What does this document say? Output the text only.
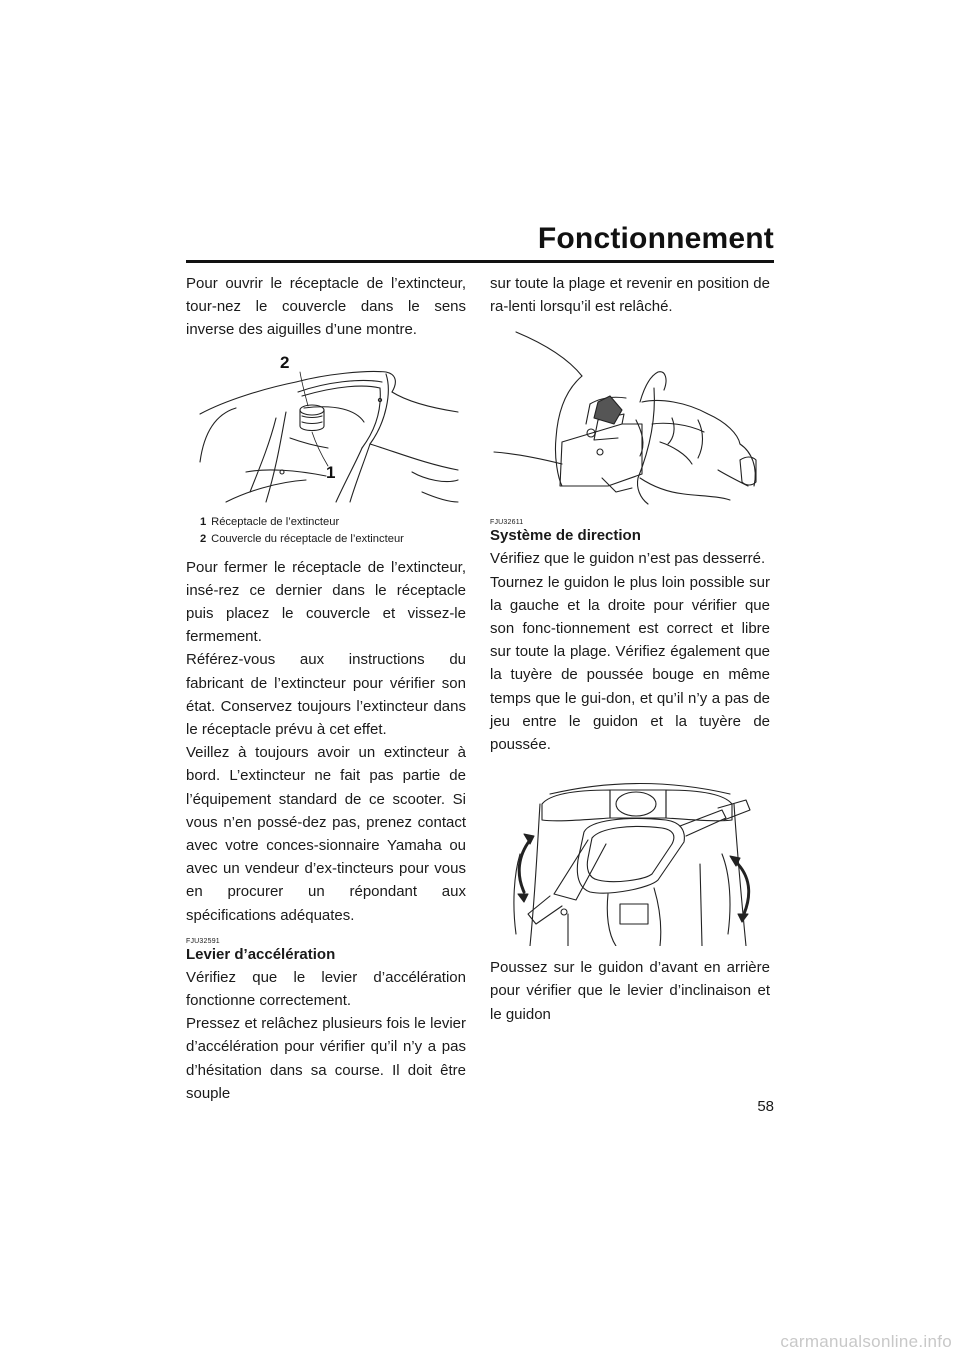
Fonctionnement

Pour ouvrir le réceptacle de l’extincteur, tour-nez le couvercle dans le sens inverse des aiguilles d’une montre.

2
1
1 Réceptacle de l’extincteur
2 Couvercle du réceptacle de l’extincteur

Pour fermer le réceptacle de l’extincteur, insé-rez ce dernier dans le réceptacle puis placez le couvercle et vissez-le fermement.

Référez-vous aux instructions du fabricant de l’extincteur pour vérifier son état. Conservez toujours l’extincteur dans le réceptacle prévu à cet effet.

Veillez à toujours avoir un extincteur à bord. L’extincteur ne fait pas partie de l’équipement standard de ce scooter. Si vous n’en possé-dez pas, prenez contact avec votre conces-sionnaire Yamaha ou avec un vendeur d’ex-tincteurs pour vous en procurer un répondant aux spécifications adéquates.

FJU32591
Levier d’accélération

Vérifiez que le levier d’accélération fonctionne correctement.

Pressez et relâchez plusieurs fois le levier d’accélération pour vérifier qu’il n’y a pas d’hésitation dans sa course. Il doit être souple

sur toute la plage et revenir en position de ra-lenti lorsqu’il est relâché.

FJU32611
Système de direction

Vérifiez que le guidon n’est pas desserré.

Tournez le guidon le plus loin possible sur la gauche et la droite pour vérifier que son fonc-tionnement est correct et libre sur toute la plage. Vérifiez également que la tuyère de poussée bouge en même temps que le gui-don, et qu’il n’y a pas de jeu entre le guidon et la tuyère de poussée.

Poussez sur le guidon d’avant en arrière pour vérifier que le levier d’inclinaison et le guidon

58
carmanualsonline.info
